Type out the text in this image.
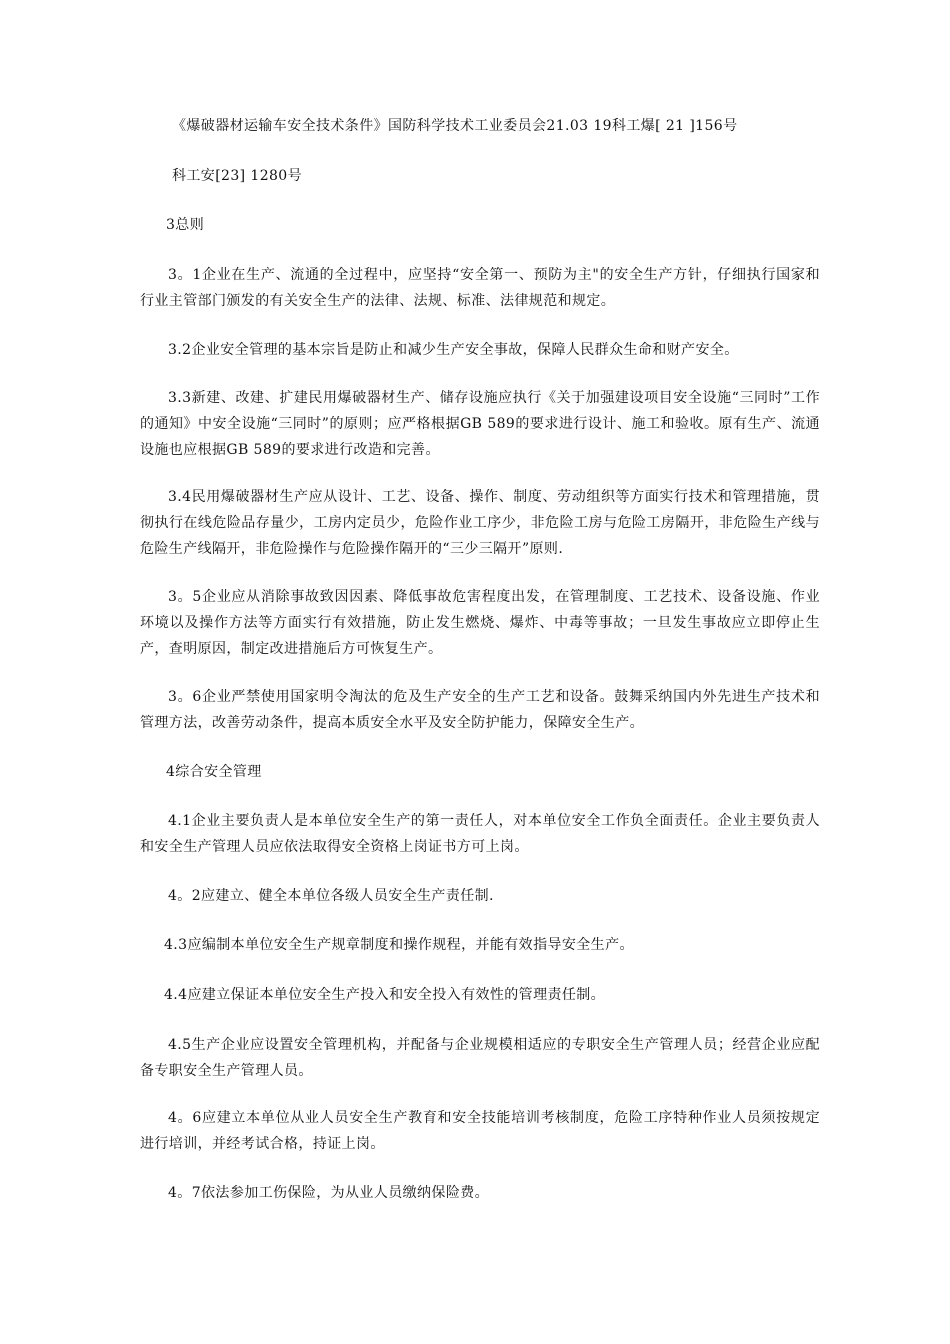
《爆破器材运输车安全技术条件》国防科学技术工业委员会21.03 19科工爆[ 21 ]156号

科工安[23] 1280号

3总则

3。1企业在生产、流通的全过程中，应坚持“安全第一、预防为主"的安全生产方针，仔细执行国家和行业主管部门颁发的有关安全生产的法律、法规、标准、法律规范和规定。

3.2企业安全管理的基本宗旨是防止和减少生产安全事故，保障人民群众生命和财产安全。

3.3新建、改建、扩建民用爆破器材生产、储存设施应执行《关于加强建设项目安全设施“三同时”工作的通知》中安全设施“三同时”的原则；应严格根据GB 589的要求进行设计、施工和验收。原有生产、流通设施也应根据GB 589的要求进行改造和完善。

3.4民用爆破器材生产应从设计、工艺、设备、操作、制度、劳动组织等方面实行技术和管理措施，贯彻执行在线危险品存量少，工房内定员少，危险作业工序少，非危险工房与危险工房隔开，非危险生产线与危险生产线隔开，非危险操作与危险操作隔开的“三少三隔开”原则.

3。5企业应从消除事故致因因素、降低事故危害程度出发，在管理制度、工艺技术、设备设施、作业环境以及操作方法等方面实行有效措施，防止发生燃烧、爆炸、中毒等事故；一旦发生事故应立即停止生产，查明原因，制定改进措施后方可恢复生产。

3。6企业严禁使用国家明令淘汰的危及生产安全的生产工艺和设备。鼓舞采纳国内外先进生产技术和管理方法，改善劳动条件，提高本质安全水平及安全防护能力，保障安全生产。

4综合安全管理

4.1企业主要负责人是本单位安全生产的第一责任人，对本单位安全工作负全面责任。企业主要负责人和安全生产管理人员应依法取得安全资格上岗证书方可上岗。

4。2应建立、健全本单位各级人员安全生产责任制.

4.3应编制本单位安全生产规章制度和操作规程，并能有效指导安全生产。

4.4应建立保证本单位安全生产投入和安全投入有效性的管理责任制。

4.5生产企业应设置安全管理机构，并配备与企业规模相适应的专职安全生产管理人员；经营企业应配备专职安全生产管理人员。

4。6应建立本单位从业人员安全生产教育和安全技能培训考核制度，危险工序特种作业人员须按规定进行培训，并经考试合格，持证上岗。

4。7依法参加工伤保险，为从业人员缴纳保险费。
